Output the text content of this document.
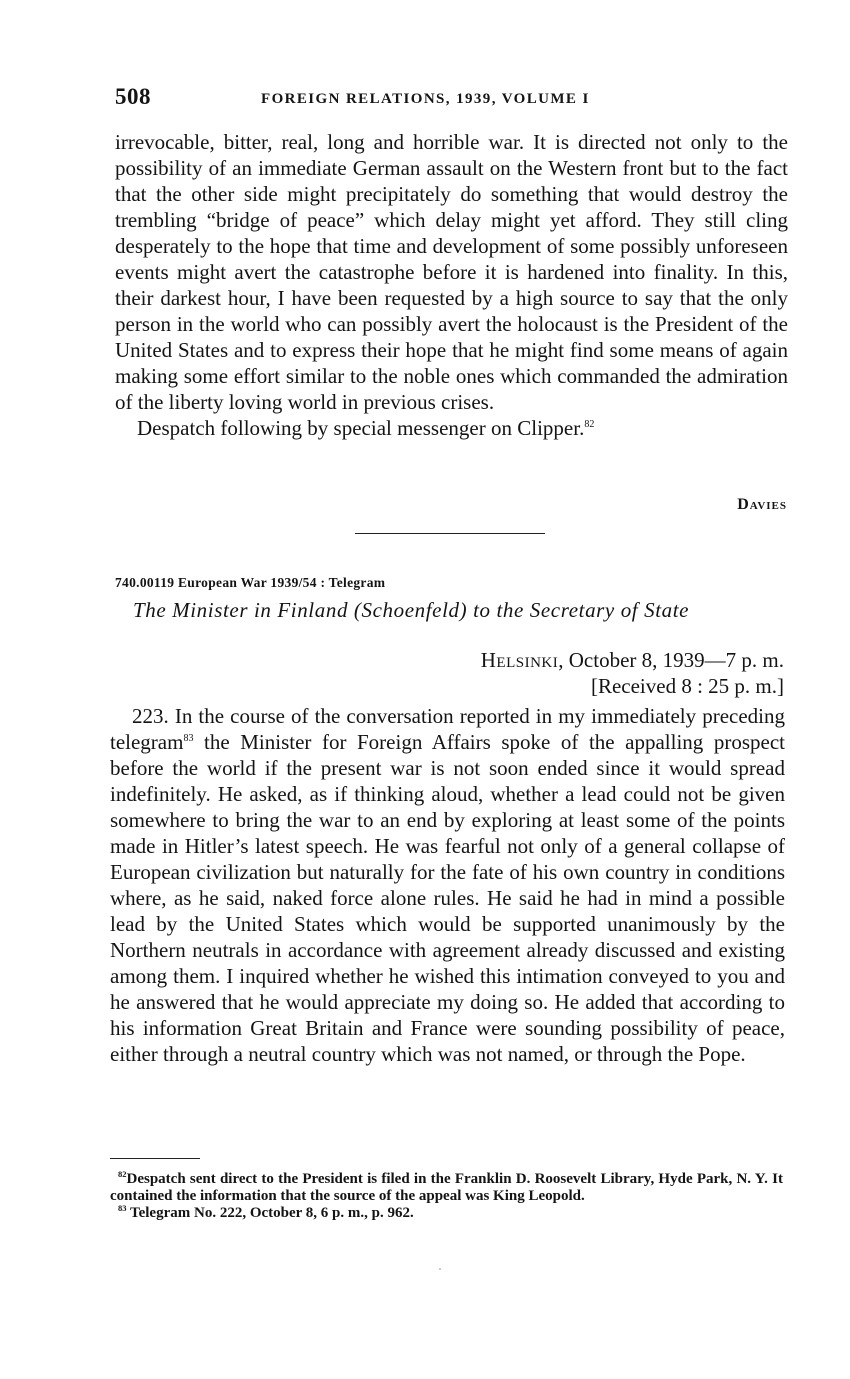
508	FOREIGN RELATIONS, 1939, VOLUME I

irrevocable, bitter, real, long and horrible war. It is directed not only to the possibility of an immediate German assault on the Western front but to the fact that the other side might precipitately do something that would destroy the trembling “bridge of peace” which delay might yet afford. They still cling desperately to the hope that time and development of some possibly unforeseen events might avert the catastrophe before it is hardened into finality. In this, their darkest hour, I have been requested by a high source to say that the only person in the world who can possibly avert the holocaust is the President of the United States and to express their hope that he might find some means of again making some effort similar to the noble ones which commanded the admiration of the liberty loving world in previous crises.

Despatch following by special messenger on Clipper.$^{82}$

Davies
740.00119 European War 1939/54 : Telegram
The Minister in Finland (Schoenfeld) to the Secretary of State
Helsinki, October 8, 1939—7 p. m.
[Received 8 : 25 p. m.]

223. In the course of the conversation reported in my immediately preceding telegram$^{83}$ the Minister for Foreign Affairs spoke of the appalling prospect before the world if the present war is not soon ended since it would spread indefinitely. He asked, as if thinking aloud, whether a lead could not be given somewhere to bring the war to an end by exploring at least some of the points made in Hitler’s latest speech. He was fearful not only of a general collapse of European civilization but naturally for the fate of his own country in conditions where, as he said, naked force alone rules. He said he had in mind a possible lead by the United States which would be supported unanimously by the Northern neutrals in accordance with agreement already discussed and existing among them. I inquired whether he wished this intimation conveyed to you and he answered that he would appreciate my doing so. He added that according to his information Great Britain and France were sounding possibility of peace, either through a neutral country which was not named, or through the Pope.

$^{82}$Despatch sent direct to the President is filed in the Franklin D. Roosevelt Library, Hyde Park, N. Y. It contained the information that the source of the appeal was King Leopold.

$^{83}$ Telegram No. 222, October 8, 6 p. m., p. 962.
